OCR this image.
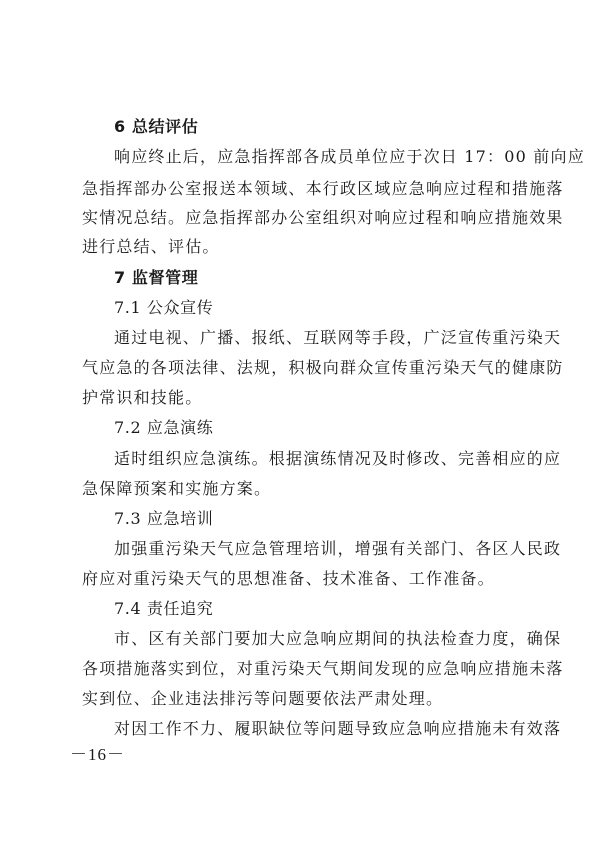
6 总结评估

响应终止后，应急指挥部各成员单位应于次日 17：00 前向应

急指挥部办公室报送本领域、本行政区域应急响应过程和措施落

实情况总结。应急指挥部办公室组织对响应过程和响应措施效果

进行总结、评估。

7 监督管理

7.1 公众宣传

通过电视、广播、报纸、互联网等手段，广泛宣传重污染天

气应急的各项法律、法规，积极向群众宣传重污染天气的健康防

护常识和技能。

7.2 应急演练

适时组织应急演练。根据演练情况及时修改、完善相应的应

急保障预案和实施方案。

7.3 应急培训

加强重污染天气应急管理培训，增强有关部门、各区人民政

府应对重污染天气的思想准备、技术准备、工作准备。

7.4 责任追究

市、区有关部门要加大应急响应期间的执法检查力度，确保

各项措施落实到位，对重污染天气期间发现的应急响应措施未落

实到位、企业违法排污等问题要依法严肃处理。

对因工作不力、履职缺位等问题导致应急响应措施未有效落

－16－
